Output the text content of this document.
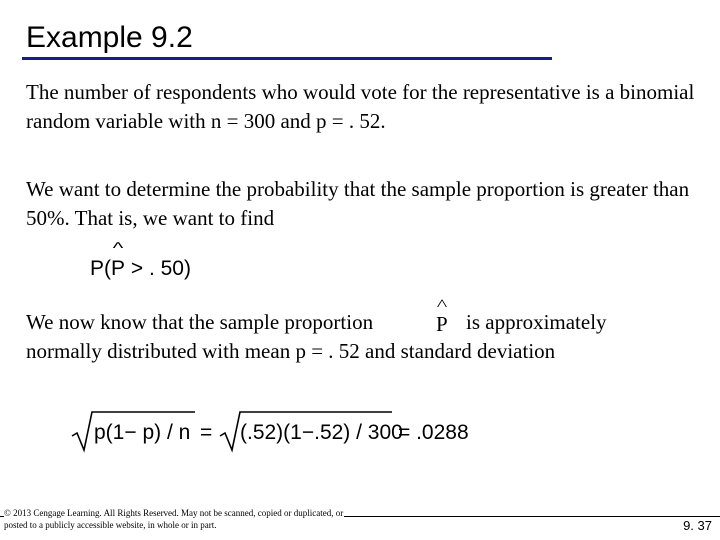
Example 9.2
The number of respondents who would vote for the representative is a binomial random variable with n = 300 and p = . 52.
We want to determine the probability that the sample proportion is greater than 50%. That is, we want to find
P(P ^ > . 50)
We now know that the sample proportion	P ^ is approximately
normally distributed with mean p = . 52 and standard deviation
p(1− p) / n = (.52)(1−.52) / 300
= .0288
© 2013 Cengage Learning. All Rights Reserved. May not be scanned, copied or duplicated, or posted to a publicly accessible website, in whole or in part.	9. 37
